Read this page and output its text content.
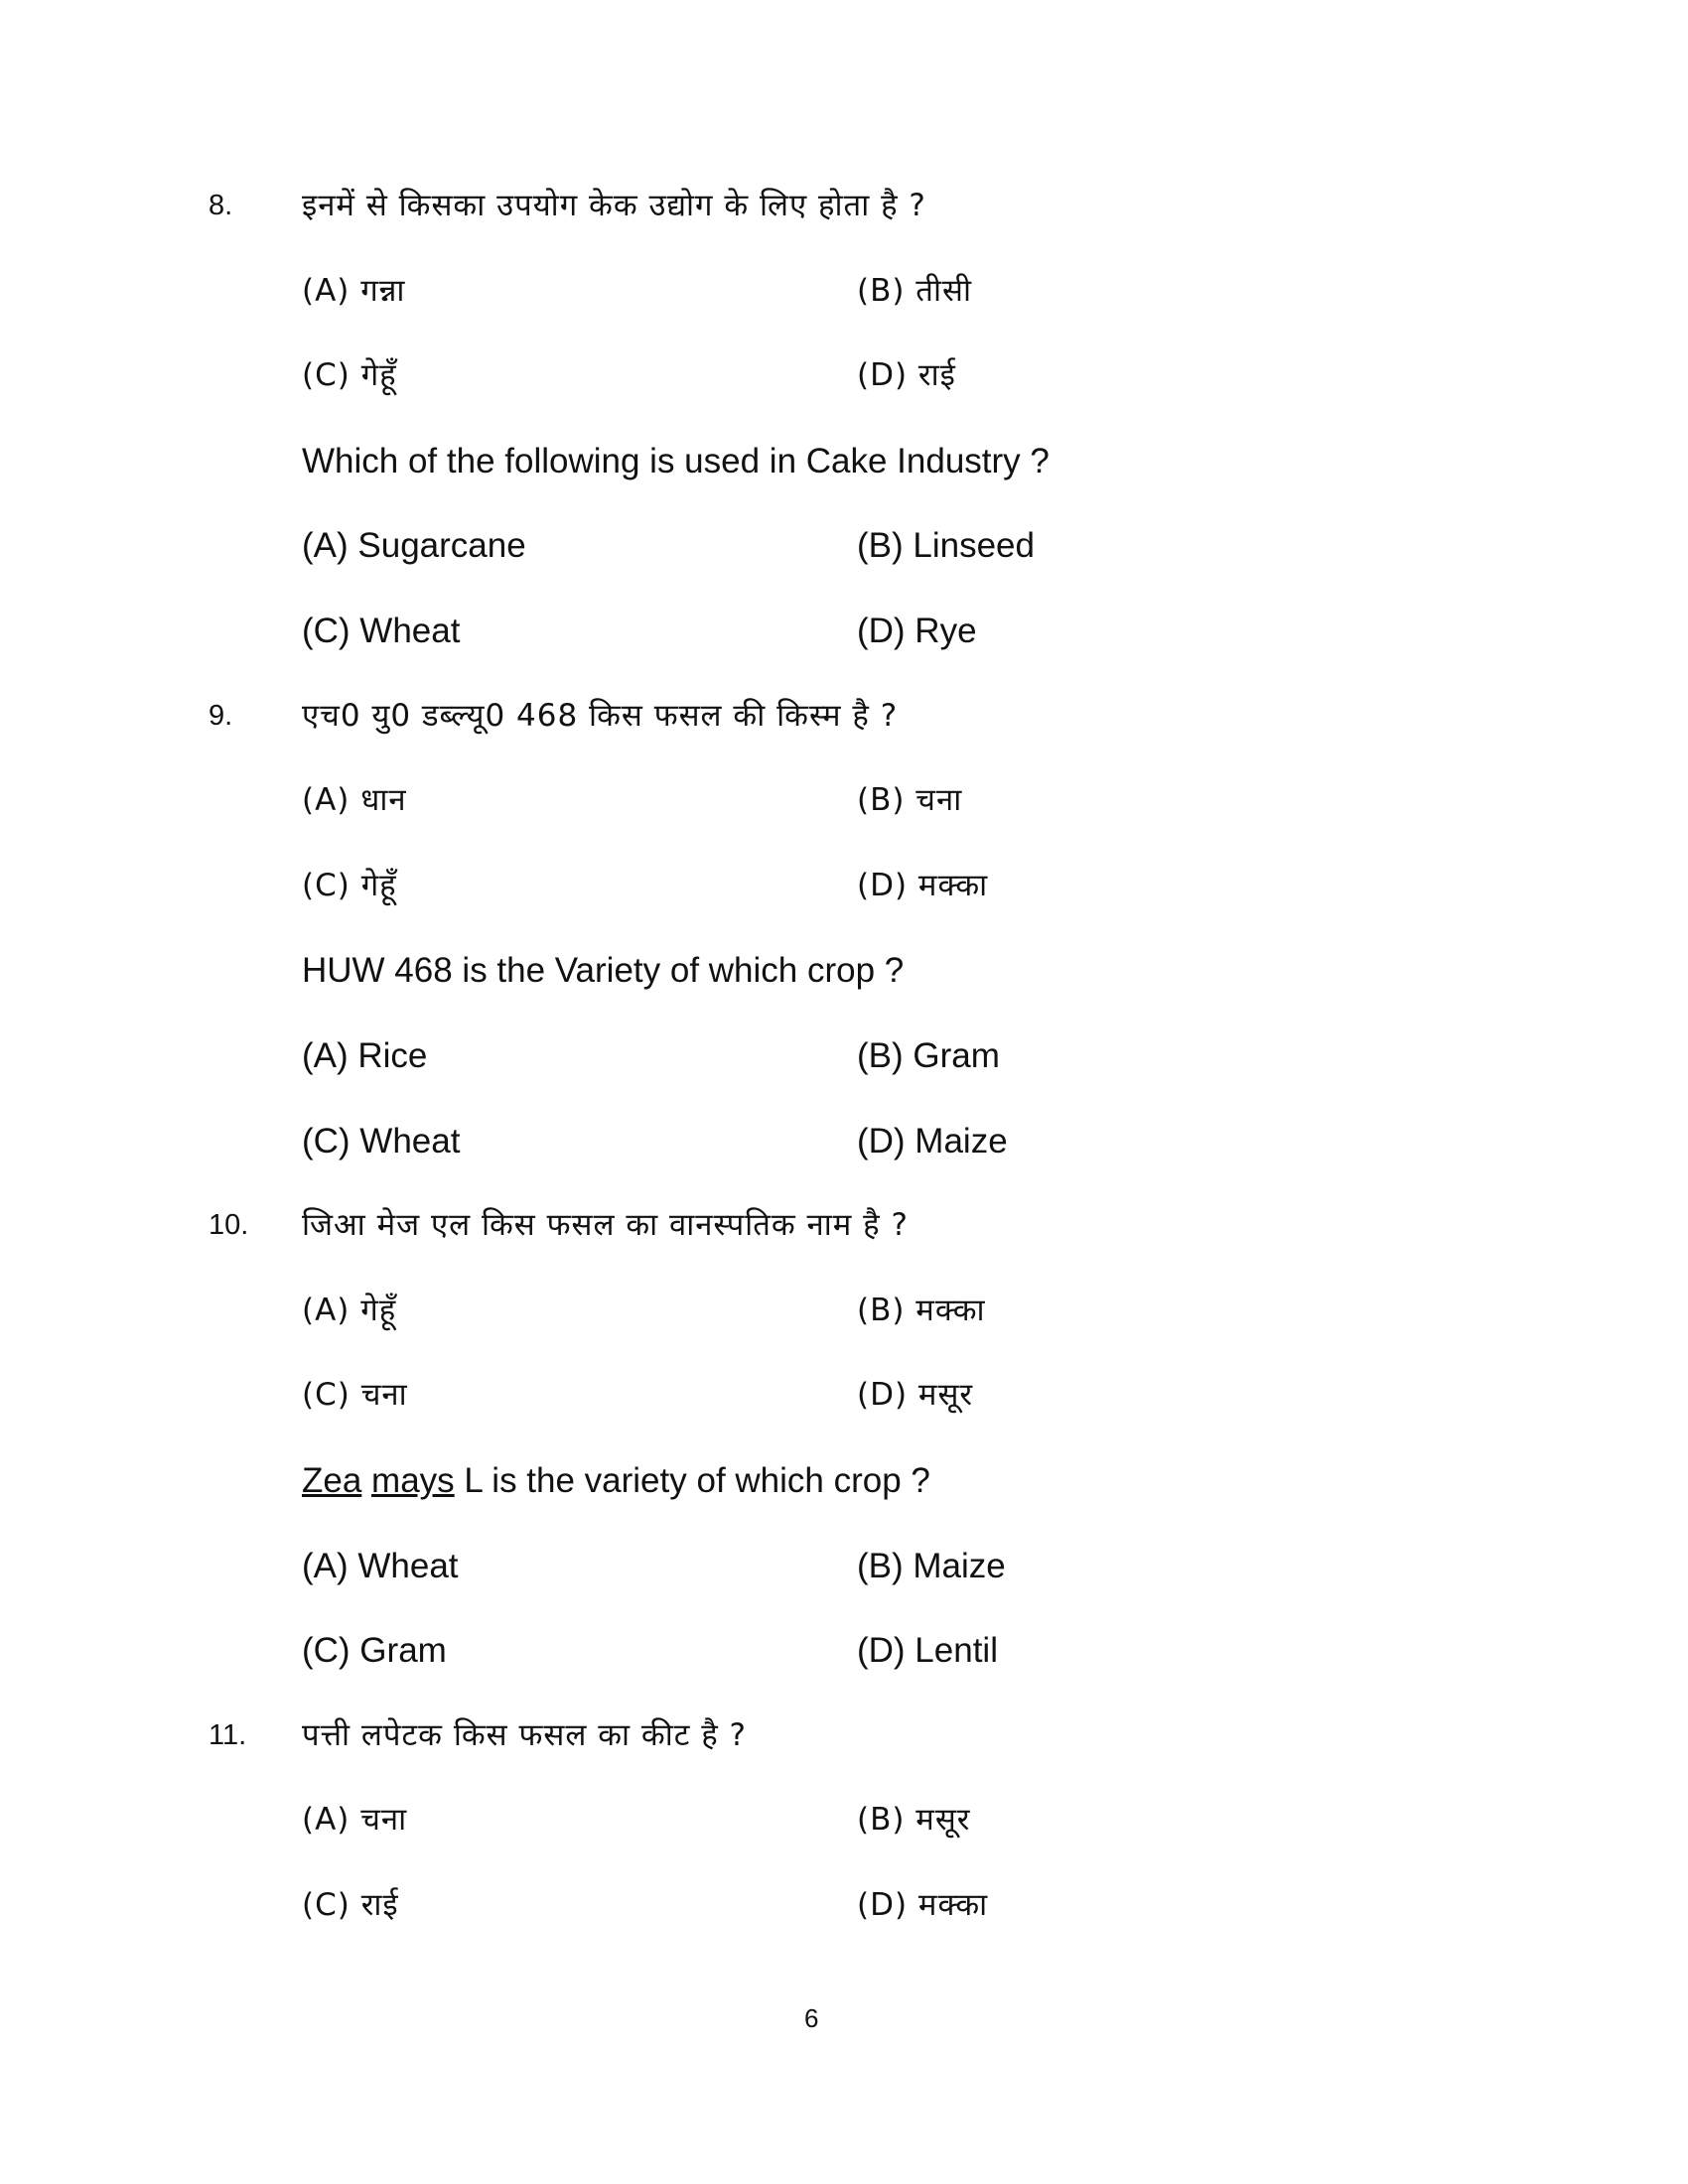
8. इनमें से किसका उपयोग केक उद्योग के लिए होता है ?
(A) गन्ना	(B) तीसी
(C) गेहूँ	(D) राई
Which of the following is used in Cake Industry ?
(A) Sugarcane	(B) Linseed
(C) Wheat	(D) Rye
9. एच0 यु0 डब्ल्यू0 468 किस फसल की किस्म है ?
(A) धान	(B) चना
(C) गेहूँ	(D) मक्का
HUW 468 is the Variety of which crop ?
(A) Rice	(B) Gram
(C) Wheat	(D) Maize
10. जिआ मेज एल किस फसल का वानस्पतिक नाम है ?
(A) गेहूँ	(B) मक्का
(C) चना	(D) मसूर
Zea mays L is the variety of which crop ?
(A) Wheat	(B) Maize
(C) Gram	(D) Lentil
11. पत्ती लपेटक किस फसल का कीट है ?
(A) चना	(B) मसूर
(C) राई	(D) मक्का
6
